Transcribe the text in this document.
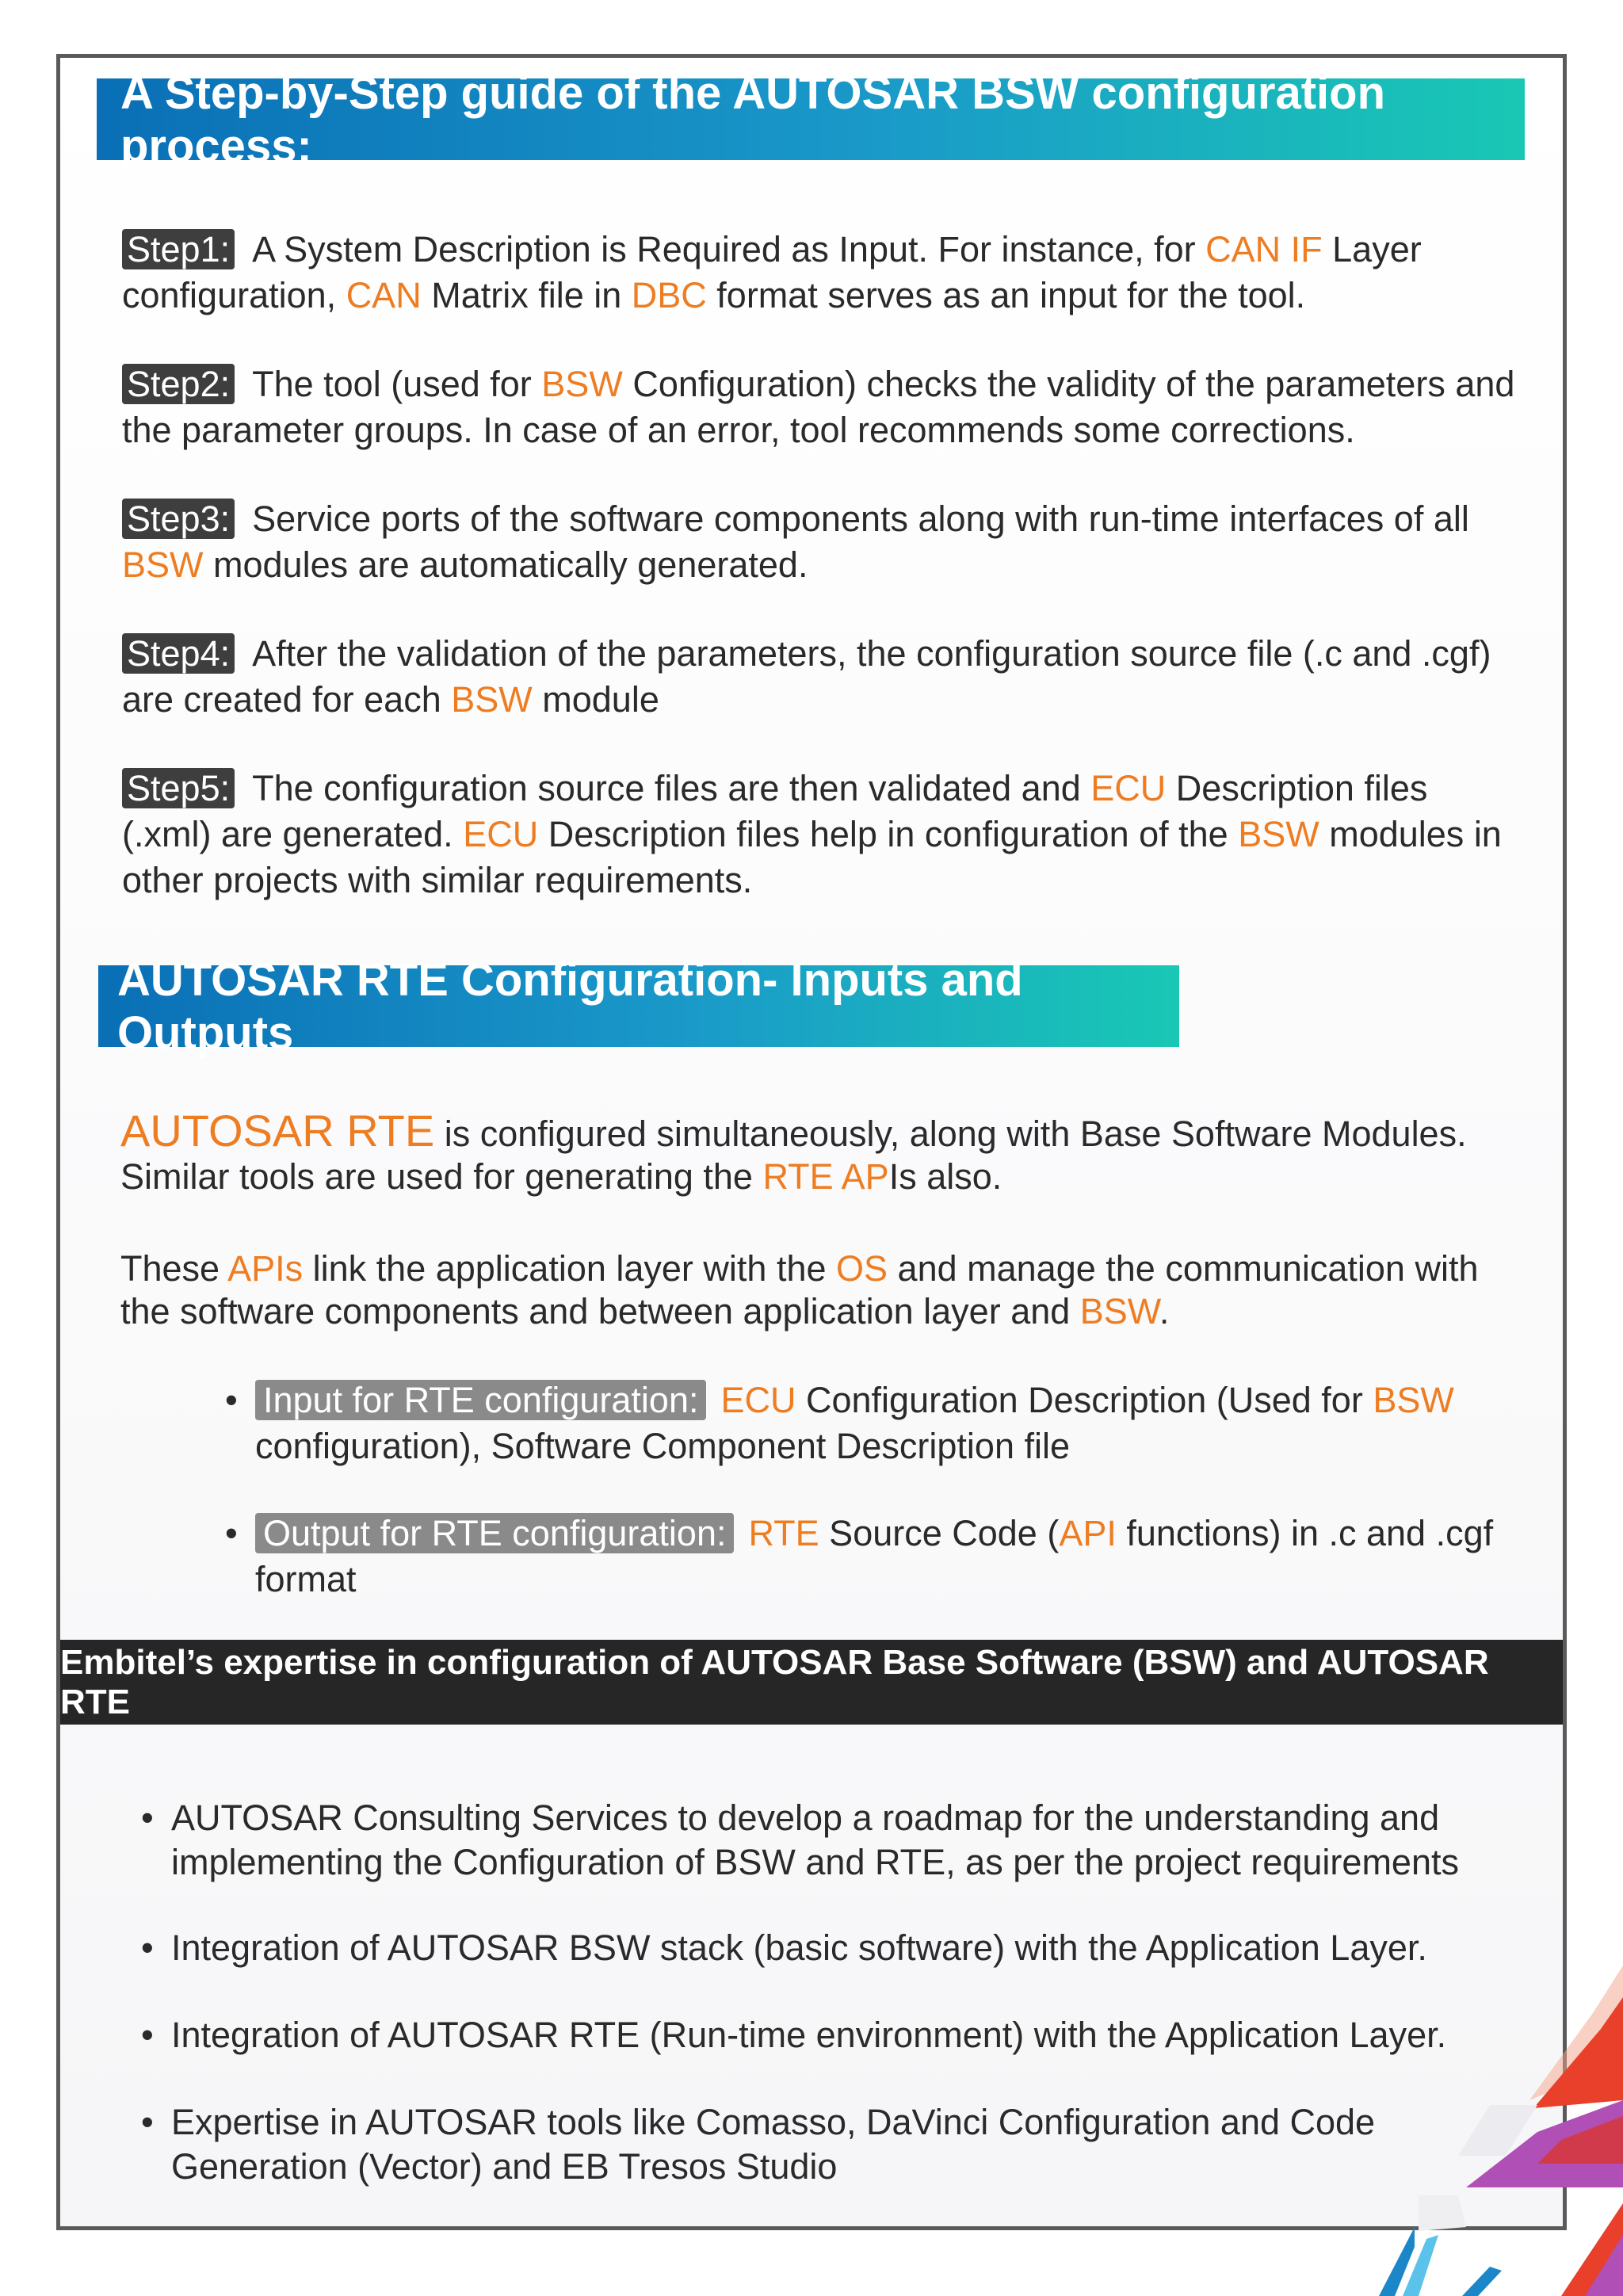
A Step-by-Step guide of the AUTOSAR BSW configuration process:
Step1: A System Description is Required as Input. For instance, for CAN IF Layer configuration, CAN Matrix file in DBC format serves as an input for the tool.
Step2: The tool (used for BSW Configuration) checks the validity of the parameters and the parameter groups. In case of an error, tool recommends some corrections.
Step3: Service ports of the software components along with run-time interfaces of all BSW modules are automatically generated.
Step4: After the validation of the parameters, the configuration source file (.c and .cgf) are created for each BSW module
Step5: The configuration source files are then validated and ECU Description files (.xml) are generated. ECU Description files help in configuration of the BSW modules in other projects with similar requirements.
AUTOSAR RTE Configuration- Inputs and Outputs
AUTOSAR RTE is configured simultaneously, along with Base Software Modules. Similar tools are used for generating the RTE APIs also.
These APIs link the application layer with the OS and manage the communication with the software components and between application layer and BSW.
• Input for RTE configuration: ECU Configuration Description (Used for BSW configuration), Software Component Description file
• Output for RTE configuration: RTE Source Code (API functions) in .c and .cgf format
Embitel’s expertise in configuration of AUTOSAR Base Software (BSW) and AUTOSAR RTE
• AUTOSAR Consulting Services to develop a roadmap for the understanding and implementing the Configuration of BSW and RTE, as per the project requirements
• Integration of AUTOSAR BSW stack (basic software) with the Application Layer.
• Integration of AUTOSAR RTE (Run-time environment) with the Application Layer.
• Expertise in AUTOSAR tools like Comasso, DaVinci Configuration and Code Generation (Vector) and EB Tresos Studio
